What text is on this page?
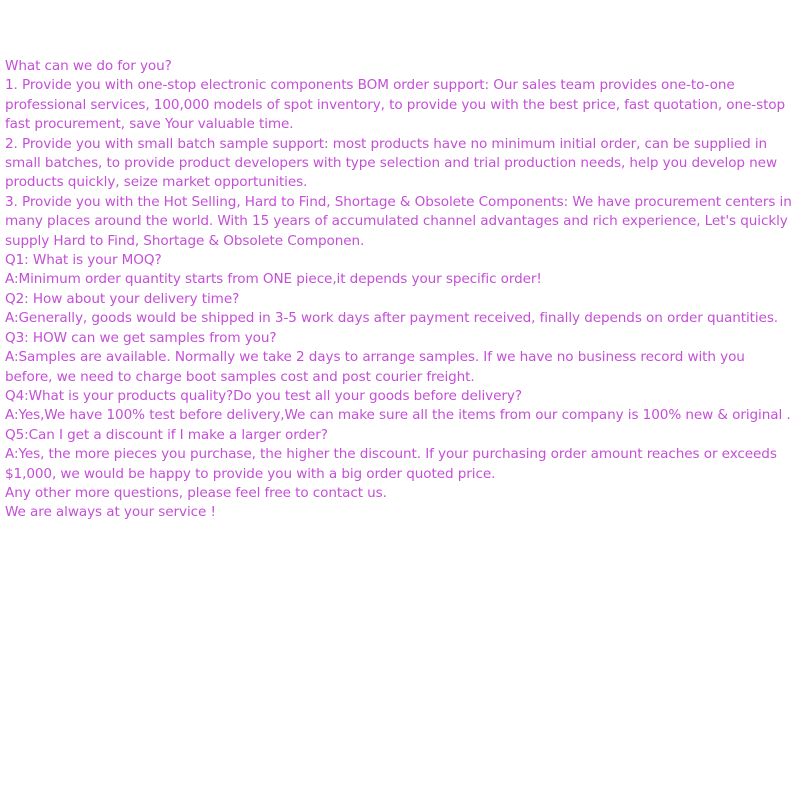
What can we do for you?

1. Provide you with one-stop electronic components BOM order support: Our sales team provides one-to-one professional services, 100,000 models of spot inventory, to provide you with the best price, fast quotation, one-stop fast procurement, save Your valuable time.

2. Provide you with small batch sample support: most products have no minimum initial order, can be supplied in small batches, to provide product developers with type selection and trial production needs, help you develop new products quickly, seize market opportunities.

3. Provide you with the Hot Selling, Hard to Find, Shortage & Obsolete Components: We have procurement centers in many places around the world. With 15 years of accumulated channel advantages and rich experience, Let's quickly supply Hard to Find, Shortage & Obsolete Componen.

Q1: What is your MOQ?

A:Minimum order quantity starts from ONE piece,it depends your specific order!

Q2: How about your delivery time?

A:Generally, goods would be shipped in 3-5 work days after payment received, finally depends on order quantities.

Q3: HOW can we get samples from you?

A:Samples are available. Normally we take 2 days to arrange samples. If we have no business record with you before, we need to charge boot samples cost and post courier freight.

Q4:What is your products quality?Do you test all your goods before delivery?

A:Yes,We have 100% test before delivery,We can make sure all the items from our company is 100% new & original .

Q5:Can I get a discount if I make a larger order?

A:Yes, the more pieces you purchase, the higher the discount. If your purchasing order amount reaches or exceeds $1,000, we would be happy to provide you with a big order quoted price.

Any other more questions, please feel free to contact us.

We are always at your service !
